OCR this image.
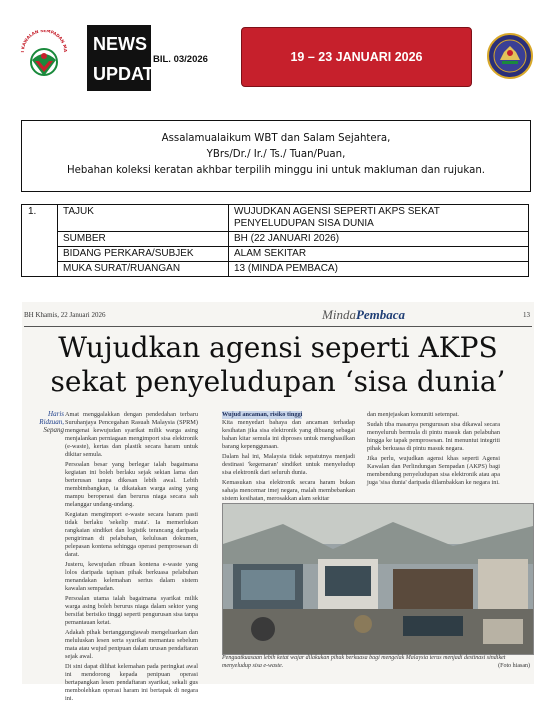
I KAWALAN SEMPADAN MA NEWS
UPDATE
BIL. 03/2026	19 – 23 JANUARI 2026
Assalamualaikum WBT dan Salam Sejahtera,
YBrs/Dr./ Ir./ Ts./ Tuan/Puan,
Hebahan koleksi keratan akhbar terpilih minggu ini untuk makluman dan rujukan.
1.	TAJUK	WUJUDKAN AGENSI SEPERTI AKPS SEKAT PENYELUDUPAN SISA DUNIA
	SUMBER	BH (22 JANUARI 2026)
	BIDANG PERKARA/SUBJEK	ALAM SEKITAR
	MUKA SURAT/RUANGAN	13 (MINDA PEMBACA)
BH Khamis, 22 Januari 2026	MindaPembaca	13
Wujudkan agensi seperti AKPS
sekat penyeludupan ‘sisa dunia’
Haris Ridzuan,
Sepang

Amat menggalakkan dengan pendedahan terbaru Suruhanjaya Pencegahan Rasuah Malaysia (SPRM) mengenai kewujudan syarikat milik warga asing menjalankan perniagaan mengimport sisa elektronik (e-waste), kertas dan plastik secara haram untuk dikitar semula.

Persoalan besar yang berlegar ialah bagaimana kegiatan ini boleh berlaku sejak sekian lama dan berterusan tanpa dikesan lebih awal. Lebih membimbangkan, ia dikatakan warga asing yang mampu beroperasi dan berurus niaga secara sah melanggar undang-undang.

Kegiatan mengimport e-waste secara haram pasti tidak berlaku 'sekelip mata'. Ia memerlukan rangkaian sindiket dan logistik terancang daripada pengiriman di pelabuhan, kelulusan dokumen, pelepasan kontena sehingga operasi pemprosesan di darat.

Justeru, kewujudan ribuan kontena e-waste yang lolos daripada tapisan pihak berkuasa pelabuhan menandakan kelemahan serius dalam sistem kawalan sempadan.

Persoalan utama ialah bagaimana syarikat milik warga asing boleh berurus niaga dalam sektor yang bersifat berisiko tinggi seperti pengurusan sisa tanpa pemantauan ketat.

Adakah pihak bertanggungjawab mengeluarkan dan meluluskan lesen serta syarikat memantau sebelum mata atau wujud penipuan dalam urusan pendaftaran sejak awal.

Di sini dapat dilihat kelemahan pada peringkat awal ini mendorong kepada penipuan operasi bertapangkan lesen pendaftaran syarikat, sekali gus membolehkan operasi haram ini bertapak di negara ini.

Wujud ancaman, risiko tinggi

Kita menyedari bahaya dan ancaman terhadap kesihatan jika sisa elektronik yang dibuang sebagai bahan kitar semula ini diproses untuk menghasilkan barang kepenggunaan.

Dalam hal ini, Malaysia tidak sepatutnya menjadi destinasi 'kegemaran' sindiket untuk menyeludup sisa elektronik dari seluruh dunia.

Kemasukan sisa elektronik secara haram bukan sahaja mencemar imej negara, malah membebankan sistem kesihatan, merosakkan alam sekitar

dan menjejaskan komuniti setempat.

Sudah tiba masanya pengurusan sisa dikawal secara menyeluruh bermula di pintu masuk dan pelabuhan hingga ke tapak pemprosesan. Ini menuntut integriti pihak berkuasa di pintu masuk negara.

Jika perlu, wujudkan agensi khas seperti Agensi Kawalan dan Perlindungan Sempadan (AKPS) bagi membendung penyeludupan sisa elektronik atau apa juga 'sisa dunia' daripada dilambakkan ke negara ini.

Penguatkuasaan lebih ketat wajar dilakukan pihak berkuasa bagi mengelak Malaysia terus menjadi destinasi sindiket menyeludup sisa e-waste.	(Foto hiasan)
